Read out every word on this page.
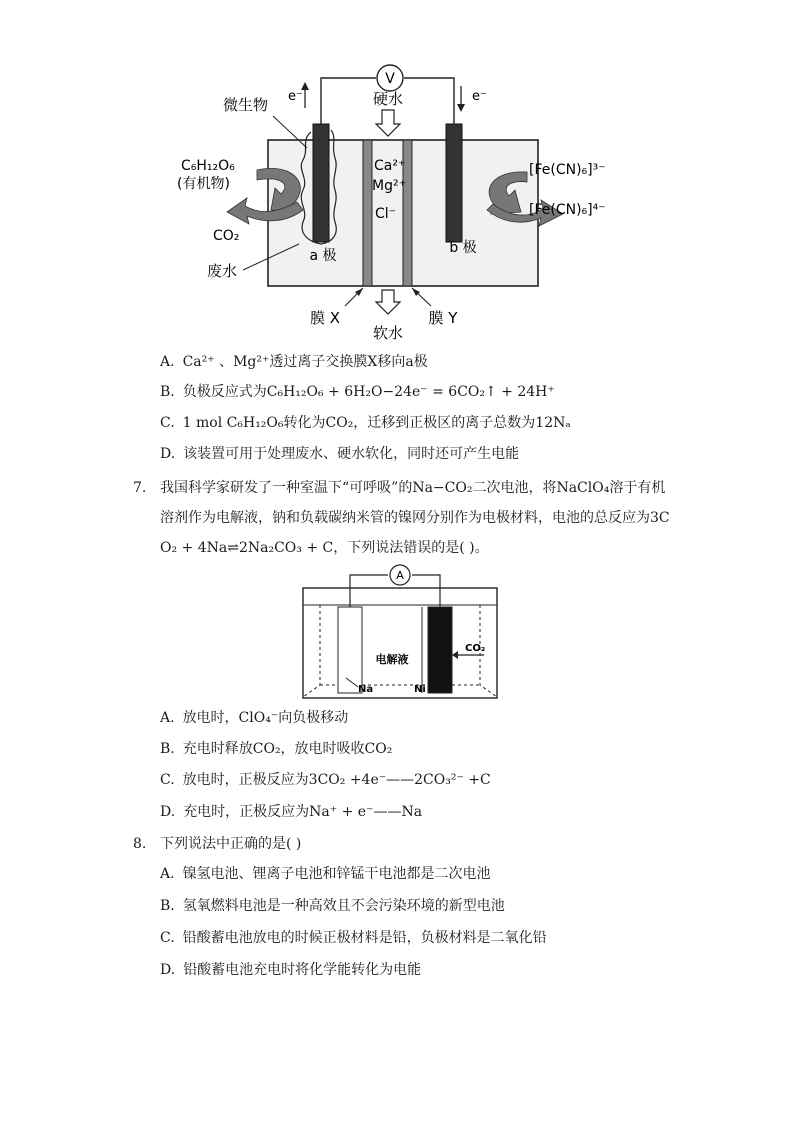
V
e⁻	e⁻
硬水
微生物
C₆H₁₂O₆
(有机物)
CO₂
废水
a 极	b 极
Ca²⁺
Mg²⁺
Cl⁻
[Fe(CN)₆]³⁻
[Fe(CN)₆]⁴⁻
膜 X	膜 Y
软水
A. Ca²⁺ 、Mg²⁺透过离子交换膜X移向a极
B. 负极反应式为C₆H₁₂O₆ + 6H₂O−24e⁻ = 6CO₂↑ + 24H⁺
C. 1 mol C₆H₁₂O₆转化为CO₂，迁移到正极区的离子总数为12Nₐ
D. 该装置可用于处理废水、硬水软化，同时还可产生电能
7. 我国科学家研发了一种室温下“可呼吸”的Na−CO₂二次电池，将NaClO₄溶于有机
溶剂作为电解液，钠和负载碳纳米管的镍网分别作为电极材料，电池的总反应为3C
O₂ + 4Na⇌2Na₂CO₃ + C，下列说法错误的是( )。
A
电解液
CO₂
Na	Ni
A. 放电时，ClO₄⁻向负极移动
B. 充电时释放CO₂，放电时吸收CO₂
C. 放电时，正极反应为3CO₂ +4e⁻——2CO₃²⁻ +C
D. 充电时，正极反应为Na⁺ + e⁻——Na
8. 下列说法中正确的是( )
A. 镍氢电池、锂离子电池和锌锰干电池都是二次电池
B. 氢氧燃料电池是一种高效且不会污染环境的新型电池
C. 铅酸蓄电池放电的时候正极材料是铅，负极材料是二氧化铅
D. 铅酸蓄电池充电时将化学能转化为电能
